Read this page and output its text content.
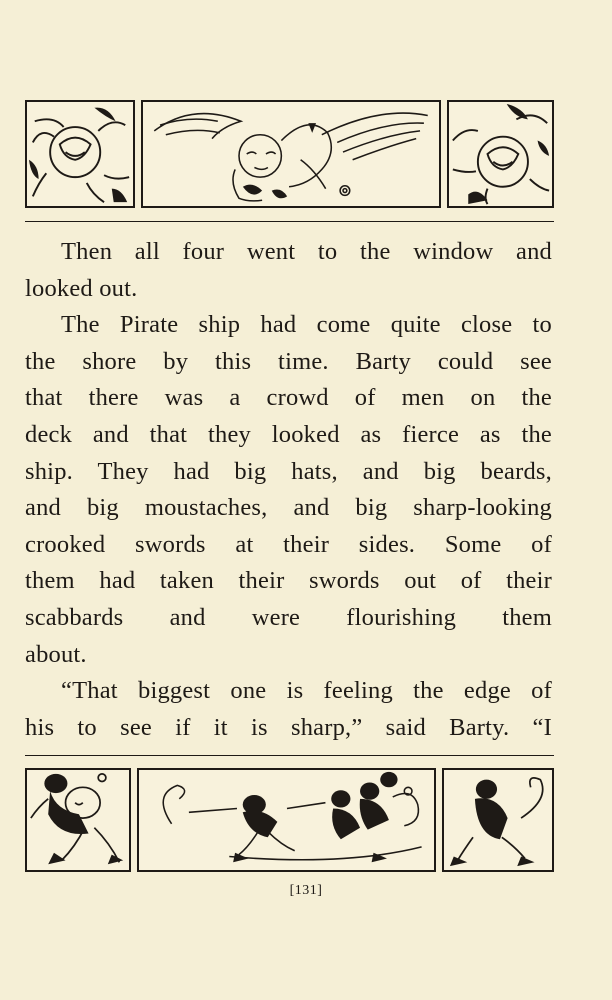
Then all four went to the window and
looked out.
The Pirate ship had come quite close to
the shore by this time. Barty could see
that there was a crowd of men on the
deck and that they looked as fierce as the
ship. They had big hats, and big beards,
and big moustaches, and big sharp-looking
crooked swords at their sides. Some of
them had taken their swords out of their
scabbards and were flourishing them
about.
“That biggest one is feeling the edge of
his to see if it is sharp,” said Barty. “I
[131]
